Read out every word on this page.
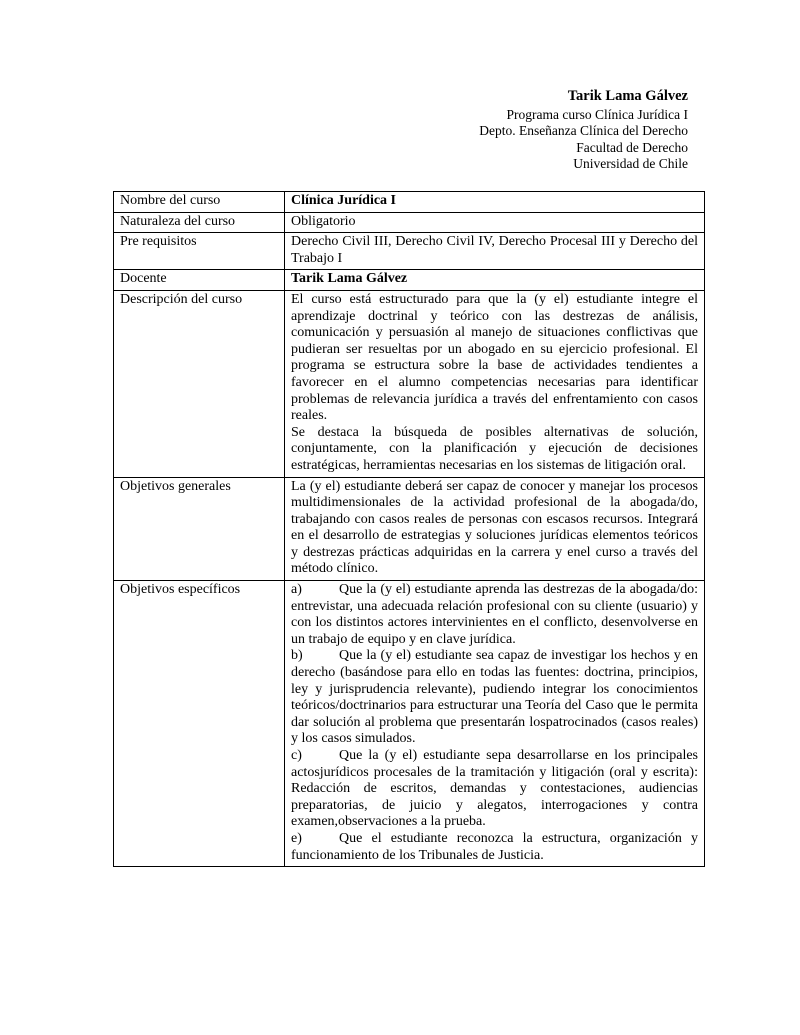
Tarik Lama Gálvez
Programa curso Clínica Jurídica I
Depto. Enseñanza Clínica del Derecho
Facultad de Derecho
Universidad de Chile
Nombre del curso	Clínica Jurídica I
Naturaleza del curso	Obligatorio
Pre requisitos	Derecho Civil III, Derecho Civil IV, Derecho Procesal III y Derecho del Trabajo I
Docente	Tarik Lama Gálvez
Descripción del curso	El curso está estructurado para que la (y el) estudiante integre el aprendizaje doctrinal y teórico con las destrezas de análisis, comunicación y persuasión al manejo de situaciones conflictivas que pudieran ser resueltas por un abogado en su ejercicio profesional. El programa se estructura sobre la base de actividades tendientes a favorecer en el alumno competencias necesarias para identificar problemas de relevancia jurídica a través del enfrentamiento con casos reales.

Se destaca la búsqueda de posibles alternativas de solución, conjuntamente, con la planificación y ejecución de decisiones estratégicas, herramientas necesarias en los sistemas de litigación oral.

Objetivos generales	La (y el) estudiante deberá ser capaz de conocer y manejar los procesos multidimensionales de la actividad profesional de la abogada/do, trabajando con casos reales de personas con escasos recursos. Integrará en el desarrollo de estrategias y soluciones jurídicas elementos teóricos y destrezas prácticas adquiridas en la carrera y enel curso a través del método clínico.

Objetivos específicos	a) Que la (y el) estudiante aprenda las destrezas de la abogada/do: entrevistar, una adecuada relación profesional con su cliente (usuario) y con los distintos actores intervinientes en el conflicto, desenvolverse en un trabajo de equipo y en clave jurídica.

b) Que la (y el) estudiante sea capaz de investigar los hechos y en derecho (basándose para ello en todas las fuentes: doctrina, principios, ley y jurisprudencia relevante), pudiendo integrar los conocimientos teóricos/doctrinarios para estructurar una Teoría del Caso que le permita dar solución al problema que presentarán lospatrocinados (casos reales) y los casos simulados.

c) Que la (y el) estudiante sepa desarrollarse en los principales actosjurídicos procesales de la tramitación y litigación (oral y escrita): Redacción de escritos, demandas y contestaciones, audiencias preparatorias, de juicio y alegatos, interrogaciones y contra examen,observaciones a la prueba.

e) Que el estudiante reconozca la estructura, organización y funcionamiento de los Tribunales de Justicia.
